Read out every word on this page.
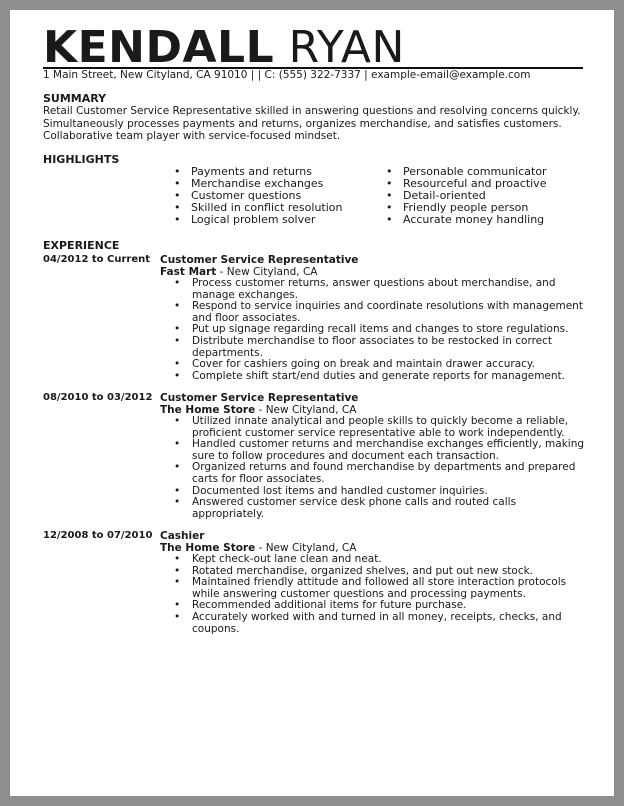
KENDALL RYAN
1 Main Street, New Cityland, CA 91010 | | C: (555) 322-7337 | example-email@example.com
SUMMARY
Retail Customer Service Representative skilled in answering questions and resolving concerns quickly. Simultaneously processes payments and returns, organizes merchandise, and satisfies customers. Collaborative team player with service-focused mindset.
HIGHLIGHTS
• Payments and returns
• Merchandise exchanges
• Customer questions
• Skilled in conflict resolution
• Logical problem solver
• Personable communicator
• Resourceful and proactive
• Detail-oriented
• Friendly people person
• Accurate money handling
EXPERIENCE
04/2012 to Current Customer Service Representative
Fast Mart - New Cityland, CA
• Process customer returns, answer questions about merchandise, and manage exchanges.
• Respond to service inquiries and coordinate resolutions with management and floor associates.
• Put up signage regarding recall items and changes to store regulations.
• Distribute merchandise to floor associates to be restocked in correct departments.
• Cover for cashiers going on break and maintain drawer accuracy.
• Complete shift start/end duties and generate reports for management.
08/2010 to 03/2012 Customer Service Representative
The Home Store - New Cityland, CA
• Utilized innate analytical and people skills to quickly become a reliable, proficient customer service representative able to work independently.
• Handled customer returns and merchandise exchanges efficiently, making sure to follow procedures and document each transaction.
• Organized returns and found merchandise by departments and prepared carts for floor associates.
• Documented lost items and handled customer inquiries.
• Answered customer service desk phone calls and routed calls appropriately.
12/2008 to 07/2010 Cashier
The Home Store - New Cityland, CA
• Kept check-out lane clean and neat.
• Rotated merchandise, organized shelves, and put out new stock.
• Maintained friendly attitude and followed all store interaction protocols while answering customer questions and processing payments.
• Recommended additional items for future purchase.
• Accurately worked with and turned in all money, receipts, checks, and coupons.
